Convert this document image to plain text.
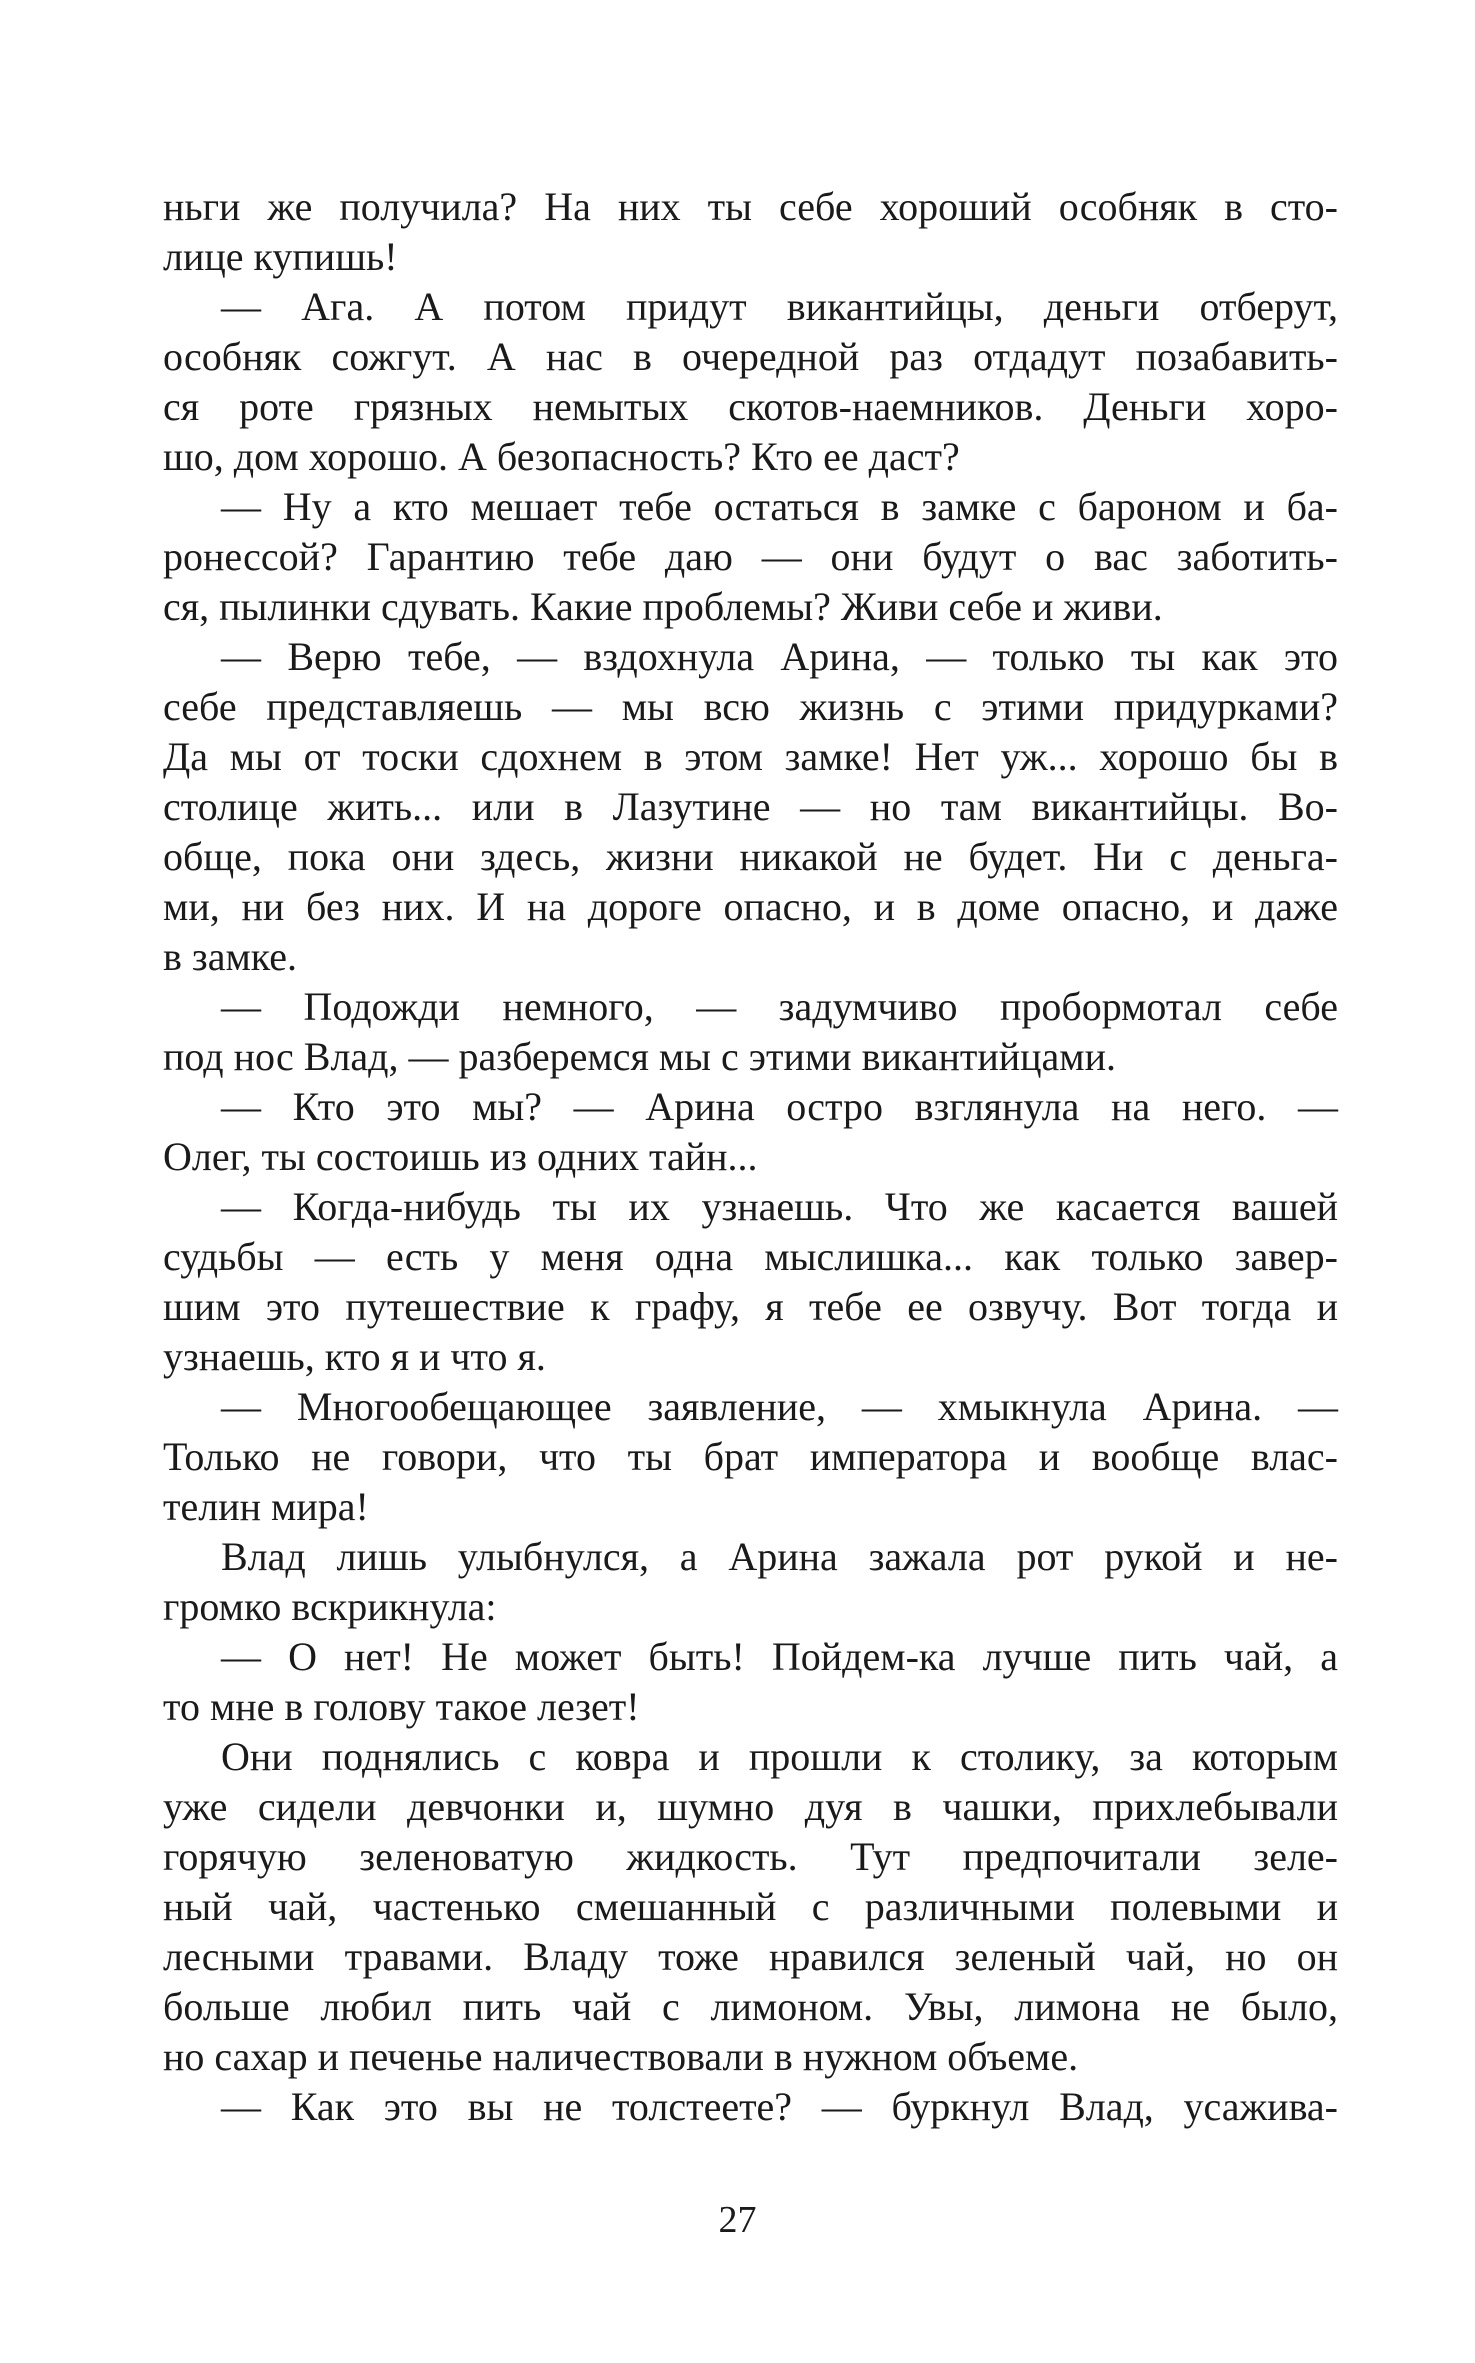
ньги же получила? На них ты себе хороший особняк в сто-
лице купишь!
— Ага. А потом придут викантийцы, деньги отберут,
особняк сожгут. А нас в очередной раз отдадут позабавить-
ся роте грязных немытых скотов-наемников. Деньги хоро-
шо, дом хорошо. А безопасность? Кто ее даст?
— Ну а кто мешает тебе остаться в замке с бароном и ба-
ронессой? Гарантию тебе даю — они будут о вас заботить-
ся, пылинки сдувать. Какие проблемы? Живи себе и живи.
— Верю тебе, — вздохнула Арина, — только ты как это
себе представляешь — мы всю жизнь с этими придурками?
Да мы от тоски сдохнем в этом замке! Нет уж... хорошо бы в
столице жить... или в Лазутине — но там викантийцы. Во-
обще, пока они здесь, жизни никакой не будет. Ни с деньга-
ми, ни без них. И на дороге опасно, и в доме опасно, и даже
в замке.
— Подожди немного, — задумчиво пробормотал себе
под нос Влад, — разберемся мы с этими викантийцами.
— Кто это мы? — Арина остро взглянула на него. —
Олег, ты состоишь из одних тайн...
— Когда-нибудь ты их узнаешь. Что же касается вашей
судьбы — есть у меня одна мыслишка... как только завер-
шим это путешествие к графу, я тебе ее озвучу. Вот тогда и
узнаешь, кто я и что я.
— Многообещающее заявление, — хмыкнула Арина. —
Только не говори, что ты брат императора и вообще влас-
телин мира!
Влад лишь улыбнулся, а Арина зажала рот рукой и не-
громко вскрикнула:
— О нет! Не может быть! Пойдем-ка лучше пить чай, а
то мне в голову такое лезет!
Они поднялись с ковра и прошли к столику, за которым
уже сидели девчонки и, шумно дуя в чашки, прихлебывали
горячую зеленоватую жидкость. Тут предпочитали зеле-
ный чай, частенько смешанный с различными полевыми и
лесными травами. Владу тоже нравился зеленый чай, но он
больше любил пить чай с лимоном. Увы, лимона не было,
но сахар и печенье наличествовали в нужном объеме.
— Как это вы не толстеете? — буркнул Влад, усажива-
27
